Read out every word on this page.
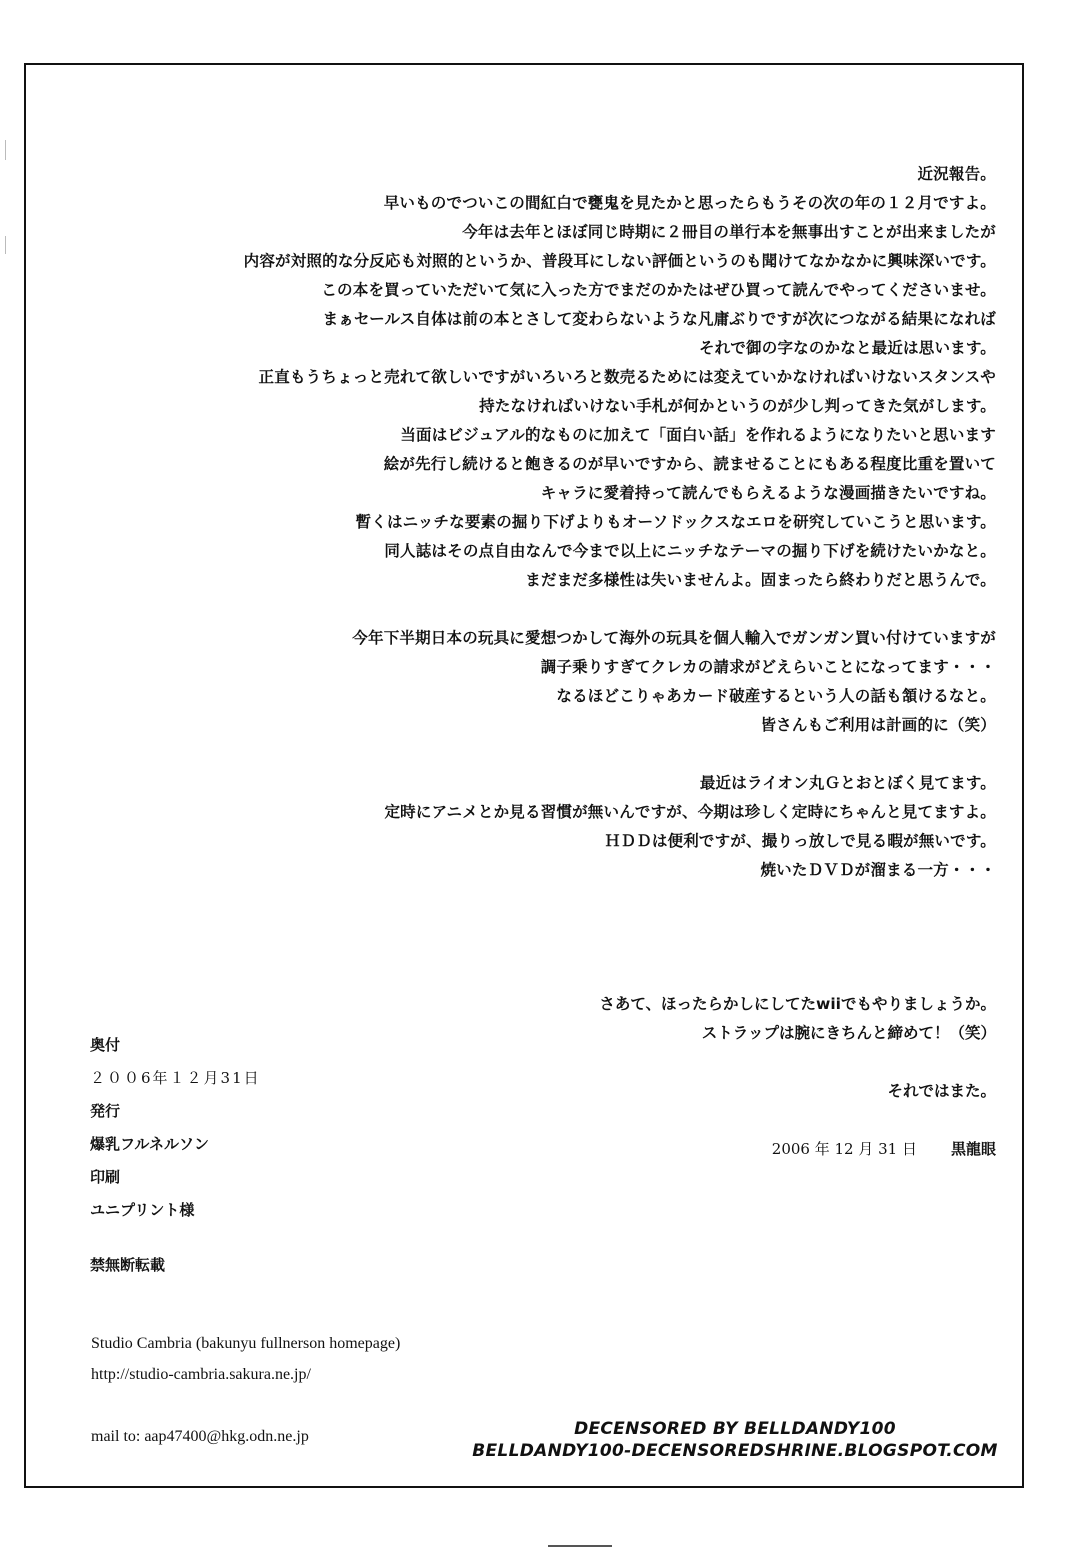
近況報告。
早いものでついこの間紅白で甕鬼を見たかと思ったらもうその次の年の１２月ですよ。
今年は去年とほぼ同じ時期に２冊目の単行本を無事出すことが出来ましたが
内容が対照的な分反応も対照的というか、普段耳にしない評価というのも聞けてなかなかに興味深いです。
この本を買っていただいて気に入った方でまだのかたはぜひ買って読んでやってくださいませ。
まぁセールス自体は前の本とさして変わらないような凡庸ぶりですが次につながる結果になれば
それで御の字なのかなと最近は思います。
正直もうちょっと売れて欲しいですがいろいろと数売るためには変えていかなければいけないスタンスや
持たなければいけない手札が何かというのが少し判ってきた気がします。
当面はビジュアル的なものに加えて「面白い話」を作れるようになりたいと思います
絵が先行し続けると飽きるのが早いですから、読ませることにもある程度比重を置いて
キャラに愛着持って読んでもらえるような漫画描きたいですね。
暫くはニッチな要素の掘り下げよりもオーソドックスなエロを研究していこうと思います。
同人誌はその点自由なんで今まで以上にニッチなテーマの掘り下げを続けたいかなと。
まだまだ多様性は失いませんよ。固まったら終わりだと思うんで。
今年下半期日本の玩具に愛想つかして海外の玩具を個人輸入でガンガン買い付けていますが
調子乗りすぎてクレカの請求がどえらいことになってます・・・
なるほどこりゃあカード破産するという人の話も頷けるなと。
皆さんもご利用は計画的に（笑）
最近はライオン丸Ｇとおとぼく見てます。
定時にアニメとか見る習慣が無いんですが、今期は珍しく定時にちゃんと見てますよ。
ＨＤＤは便利ですが、撮りっ放しで見る暇が無いです。
焼いたＤＶＤが溜まる一方・・・
さあて、ほったらかしにしてたwiiでもやりましょうか。
ストラップは腕にきちんと締めて！（笑）
それではまた。
2006 年 12 月 31 日 黒龍眼
奥付
２００6年１２月31日
発行
爆乳フルネルソン
印刷
ユニプリント様
禁無断転載
Studio Cambria (bakunyu fullnerson homepage)
http://studio-cambria.sakura.ne.jp/
mail to: aap47400@hkg.odn.ne.jp	DECENSORED BY BELLDANDY100
BELLDANDY100-DECENSOREDSHRINE.BLOGSPOT.COM
